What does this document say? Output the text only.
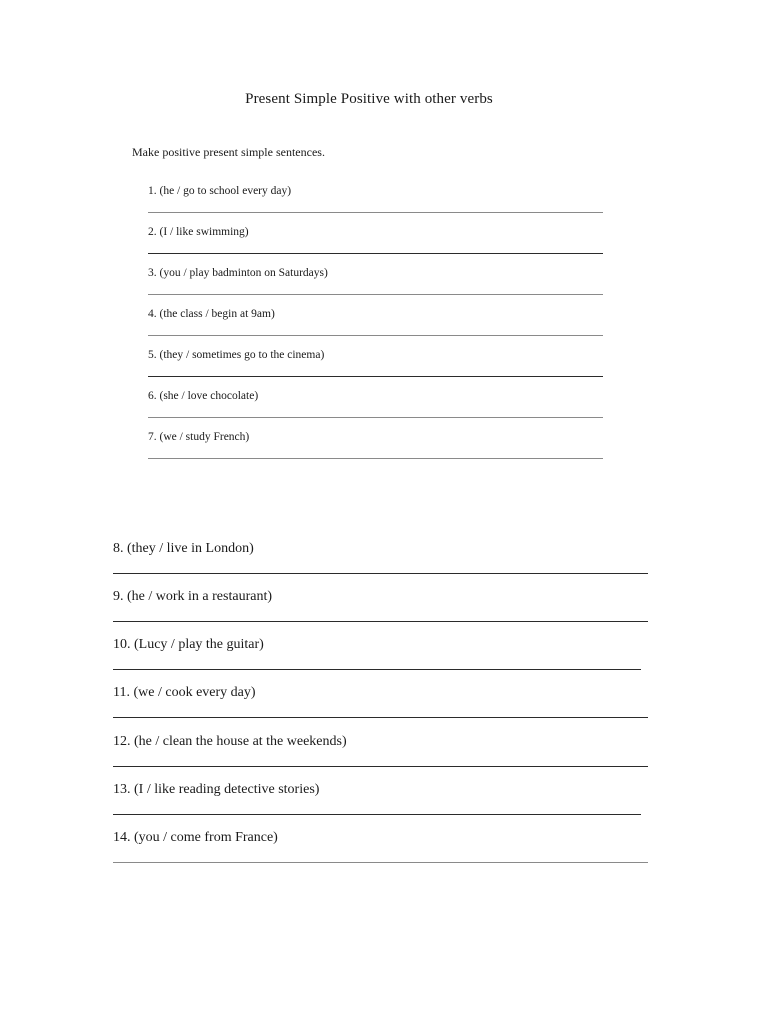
Present Simple Positive with other verbs
Make positive present simple sentences.
1. (he / go to school every day)
2. (I / like swimming)
3. (you / play badminton on Saturdays)
4. (the class / begin at 9am)
5. (they / sometimes go to the cinema)
6. (she / love chocolate)
7. (we / study French)
8. (they / live in London)
9. (he / work in a restaurant)
10. (Lucy / play the guitar)
11. (we / cook every day)
12. (he / clean the house at the weekends)
13. (I / like reading detective stories)
14. (you / come from France)
